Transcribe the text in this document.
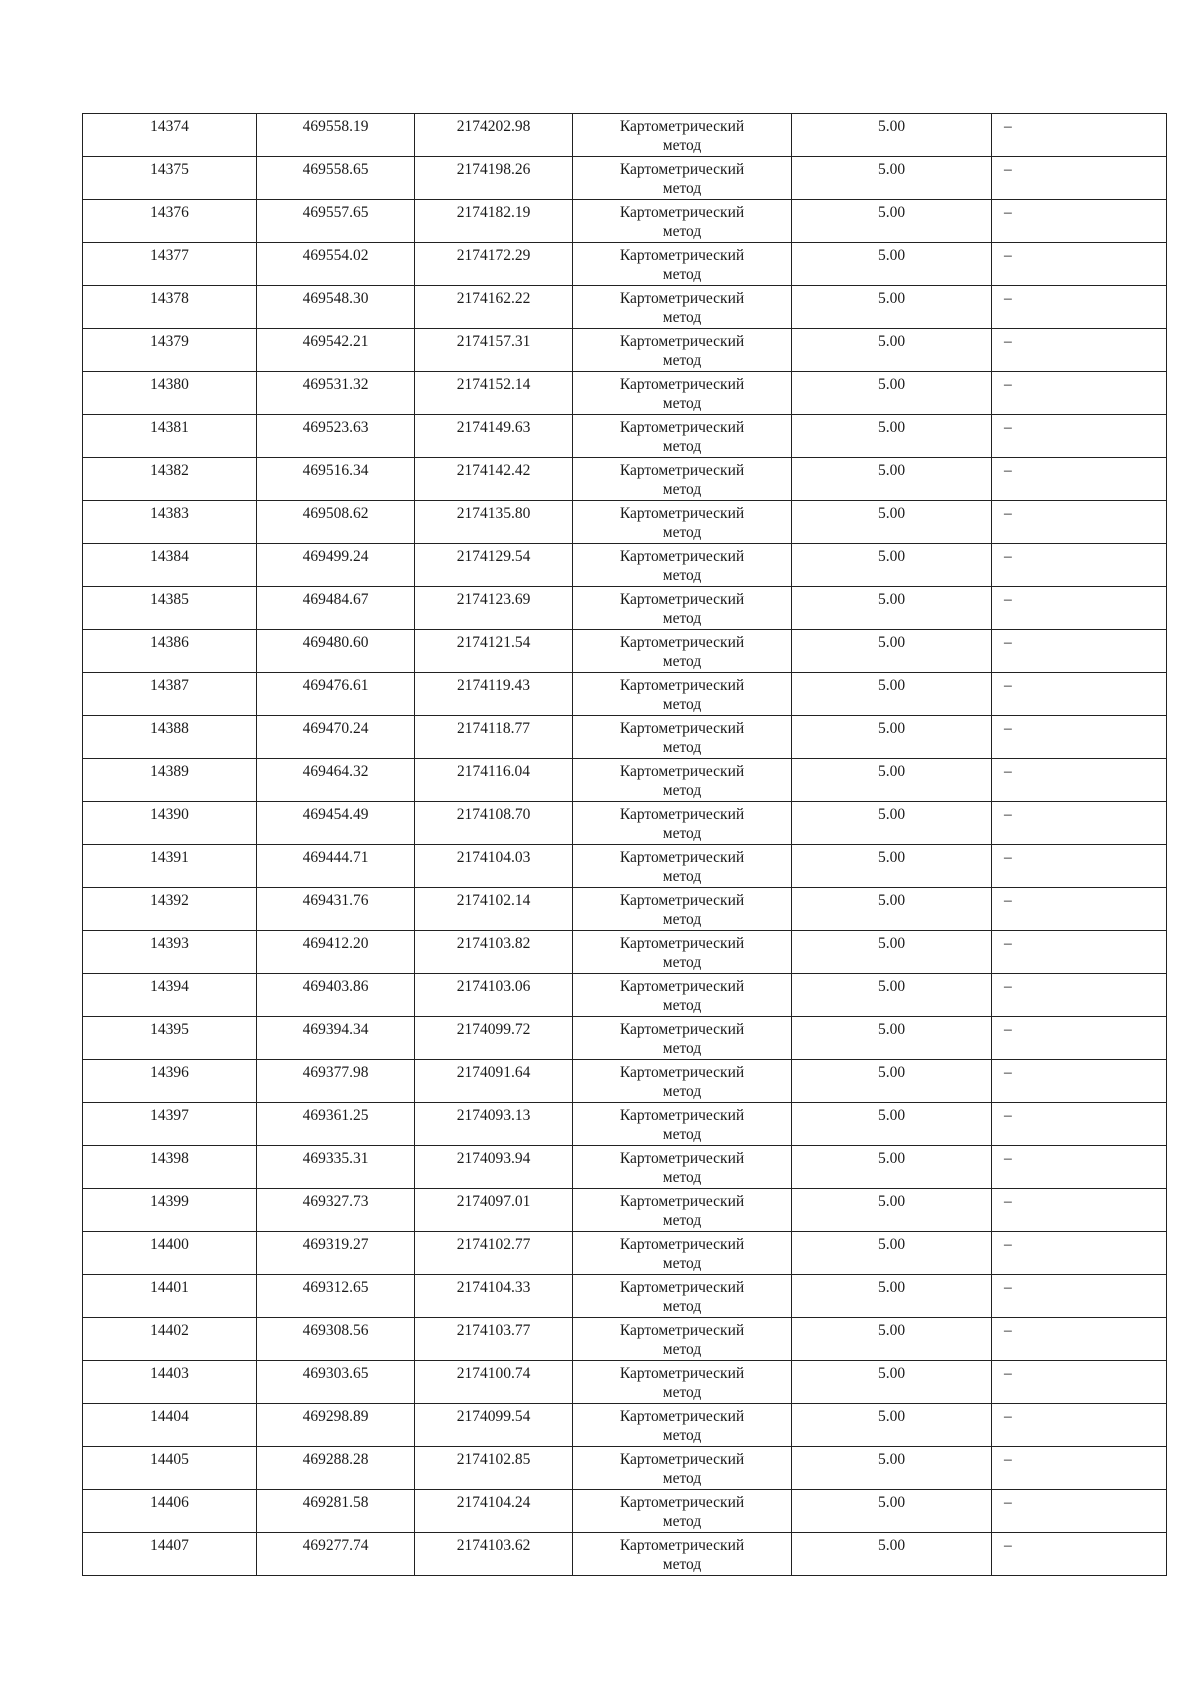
14374	469558.19	2174202.98	Картометрический метод	5.00	–
14375	469558.65	2174198.26	Картометрический метод	5.00	–
14376	469557.65	2174182.19	Картометрический метод	5.00	–
14377	469554.02	2174172.29	Картометрический метод	5.00	–
14378	469548.30	2174162.22	Картометрический метод	5.00	–
14379	469542.21	2174157.31	Картометрический метод	5.00	–
14380	469531.32	2174152.14	Картометрический метод	5.00	–
14381	469523.63	2174149.63	Картометрический метод	5.00	–
14382	469516.34	2174142.42	Картометрический метод	5.00	–
14383	469508.62	2174135.80	Картометрический метод	5.00	–
14384	469499.24	2174129.54	Картометрический метод	5.00	–
14385	469484.67	2174123.69	Картометрический метод	5.00	–
14386	469480.60	2174121.54	Картометрический метод	5.00	–
14387	469476.61	2174119.43	Картометрический метод	5.00	–
14388	469470.24	2174118.77	Картометрический метод	5.00	–
14389	469464.32	2174116.04	Картометрический метод	5.00	–
14390	469454.49	2174108.70	Картометрический метод	5.00	–
14391	469444.71	2174104.03	Картометрический метод	5.00	–
14392	469431.76	2174102.14	Картометрический метод	5.00	–
14393	469412.20	2174103.82	Картометрический метод	5.00	–
14394	469403.86	2174103.06	Картометрический метод	5.00	–
14395	469394.34	2174099.72	Картометрический метод	5.00	–
14396	469377.98	2174091.64	Картометрический метод	5.00	–
14397	469361.25	2174093.13	Картометрический метод	5.00	–
14398	469335.31	2174093.94	Картометрический метод	5.00	–
14399	469327.73	2174097.01	Картометрический метод	5.00	–
14400	469319.27	2174102.77	Картометрический метод	5.00	–
14401	469312.65	2174104.33	Картометрический метод	5.00	–
14402	469308.56	2174103.77	Картометрический метод	5.00	–
14403	469303.65	2174100.74	Картометрический метод	5.00	–
14404	469298.89	2174099.54	Картометрический метод	5.00	–
14405	469288.28	2174102.85	Картометрический метод	5.00	–
14406	469281.58	2174104.24	Картометрический метод	5.00	–
14407	469277.74	2174103.62	Картометрический метод	5.00	–
